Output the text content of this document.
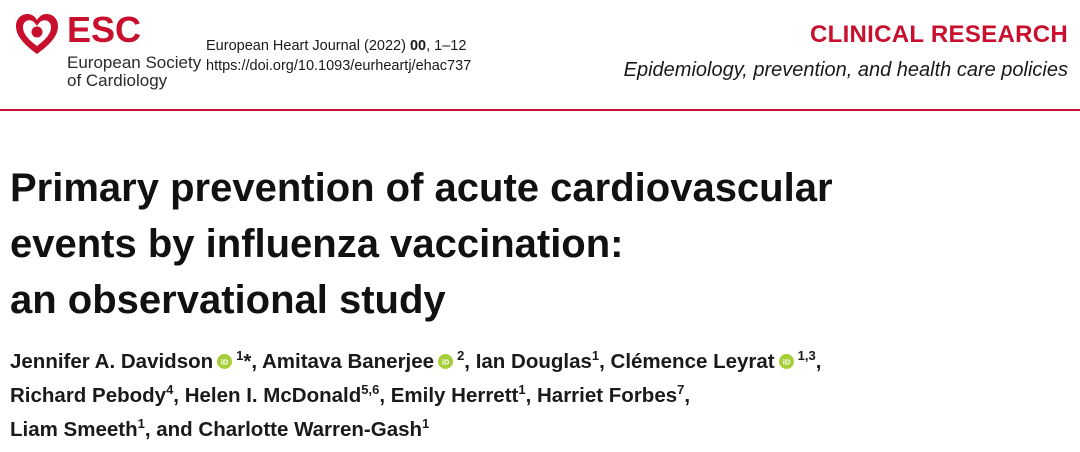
ESC
European Society
of Cardiology
European Heart Journal (2022) 00, 1–12
https://doi.org/10.1093/eurheartj/ehac737
CLINICAL RESEARCH
Epidemiology, prevention, and health care policies
Primary prevention of acute cardiovascular
events by influenza vaccination:
an observational study
Jennifer A. Davidson iD $^1$*, Amitava Banerjee iD $^2$, Ian Douglas$^1$, Clémence Leyrat iD $^{1,3}$,
Richard Pebody$^4$, Helen I. McDonald$^{5,6}$, Emily Herrett$^1$, Harriet Forbes$^7$,
Liam Smeeth$^1$, and Charlotte Warren-Gash$^1$
